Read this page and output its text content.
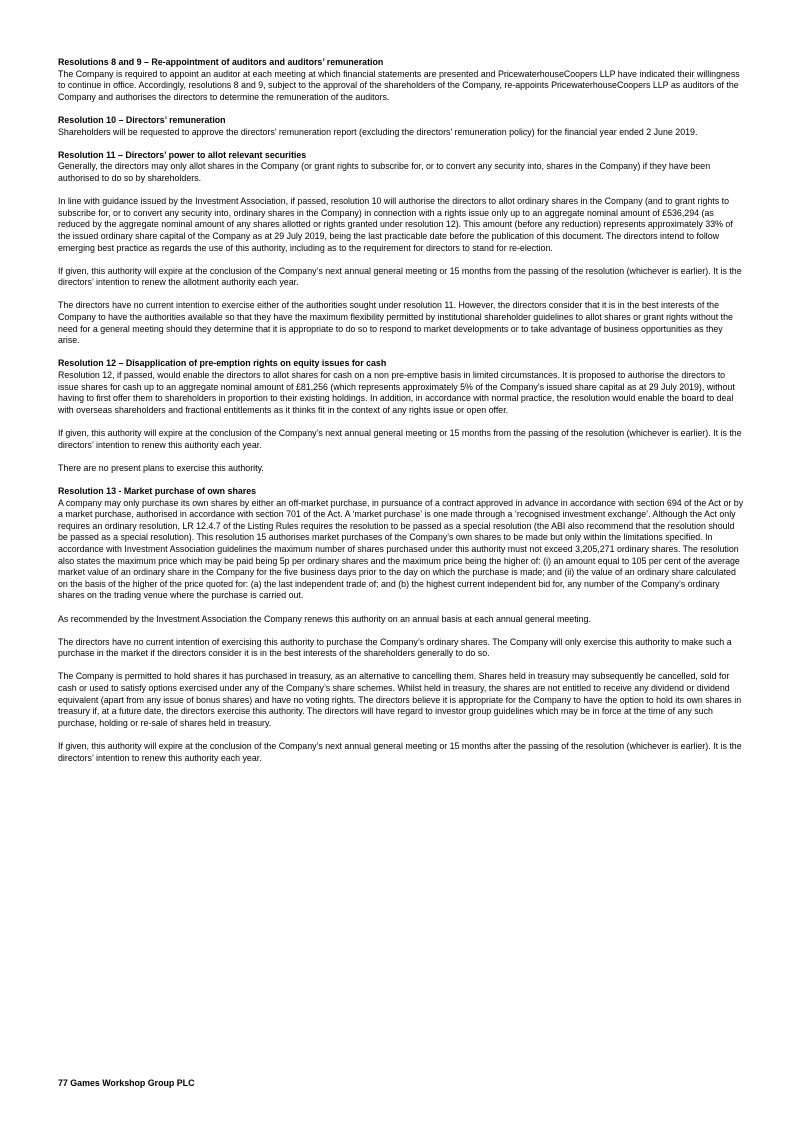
Resolutions 8 and 9 – Re-appointment of auditors and auditors’ remuneration

The Company is required to appoint an auditor at each meeting at which financial statements are presented and PricewaterhouseCoopers LLP have indicated their willingness to continue in office. Accordingly, resolutions 8 and 9, subject to the approval of the shareholders of the Company, re-appoints PricewaterhouseCoopers LLP as auditors of the Company and authorises the directors to determine the remuneration of the auditors.

Resolution 10 – Directors’ remuneration

Shareholders will be requested to approve the directors’ remuneration report (excluding the directors’ remuneration policy) for the financial year ended 2 June 2019.

Resolution 11 – Directors’ power to allot relevant securities

Generally, the directors may only allot shares in the Company (or grant rights to subscribe for, or to convert any security into, shares in the Company) if they have been authorised to do so by shareholders.

In line with guidance issued by the Investment Association, if passed, resolution 10 will authorise the directors to allot ordinary shares in the Company (and to grant rights to subscribe for, or to convert any security into, ordinary shares in the Company) in connection with a rights issue only up to an aggregate nominal amount of £536,294 (as reduced by the aggregate nominal amount of any shares allotted or rights granted under resolution 12). This amount (before any reduction) represents approximately 33% of the issued ordinary share capital of the Company as at 29 July 2019, being the last practicable date before the publication of this document. The directors intend to follow emerging best practice as regards the use of this authority, including as to the requirement for directors to stand for re-election.

If given, this authority will expire at the conclusion of the Company’s next annual general meeting or 15 months from the passing of the resolution (whichever is earlier). It is the directors’ intention to renew the allotment authority each year.

The directors have no current intention to exercise either of the authorities sought under resolution 11. However, the directors consider that it is in the best interests of the Company to have the authorities available so that they have the maximum flexibility permitted by institutional shareholder guidelines to allot shares or grant rights without the need for a general meeting should they determine that it is appropriate to do so to respond to market developments or to take advantage of business opportunities as they arise.

Resolution 12 – Disapplication of pre-emption rights on equity issues for cash

Resolution 12, if passed, would enable the directors to allot shares for cash on a non pre-emptive basis in limited circumstances. It is proposed to authorise the directors to issue shares for cash up to an aggregate nominal amount of £81,256 (which represents approximately 5% of the Company’s issued share capital as at 29 July 2019), without having to first offer them to shareholders in proportion to their existing holdings. In addition, in accordance with normal practice, the resolution would enable the board to deal with overseas shareholders and fractional entitlements as it thinks fit in the context of any rights issue or open offer.

If given, this authority will expire at the conclusion of the Company’s next annual general meeting or 15 months from the passing of the resolution (whichever is earlier). It is the directors’ intention to renew this authority each year.

There are no present plans to exercise this authority.

Resolution 13 - Market purchase of own shares

A company may only purchase its own shares by either an off-market purchase, in pursuance of a contract approved in advance in accordance with section 694 of the Act or by a market purchase, authorised in accordance with section 701 of the Act. A ‘market purchase’ is one made through a ‘recognised investment exchange’. Although the Act only requires an ordinary resolution, LR 12.4.7 of the Listing Rules requires the resolution to be passed as a special resolution (the ABI also recommend that the resolution should be passed as a special resolution). This resolution 15 authorises market purchases of the Company’s own shares to be made but only within the limitations specified. In accordance with Investment Association guidelines the maximum number of shares purchased under this authority must not exceed 3,205,271 ordinary shares. The resolution also states the maximum price which may be paid being 5p per ordinary shares and the maximum price being the higher of: (i) an amount equal to 105 per cent of the average market value of an ordinary share in the Company for the five business days prior to the day on which the purchase is made; and (ii) the value of an ordinary share calculated on the basis of the higher of the price quoted for: (a) the last independent trade of; and (b) the highest current independent bid for, any number of the Company’s ordinary shares on the trading venue where the purchase is carried out.

As recommended by the Investment Association the Company renews this authority on an annual basis at each annual general meeting.

The directors have no current intention of exercising this authority to purchase the Company’s ordinary shares. The Company will only exercise this authority to make such a purchase in the market if the directors consider it is in the best interests of the shareholders generally to do so.

The Company is permitted to hold shares it has purchased in treasury, as an alternative to cancelling them. Shares held in treasury may subsequently be cancelled, sold for cash or used to satisfy options exercised under any of the Company’s share schemes. Whilst held in treasury, the shares are not entitled to receive any dividend or dividend equivalent (apart from any issue of bonus shares) and have no voting rights. The directors believe it is appropriate for the Company to have the option to hold its own shares in treasury if, at a future date, the directors exercise this authority. The directors will have regard to investor group guidelines which may be in force at the time of any such purchase, holding or re-sale of shares held in treasury.

If given, this authority will expire at the conclusion of the Company’s next annual general meeting or 15 months after the passing of the resolution (whichever is earlier). It is the directors’ intention to renew this authority each year.

77 Games Workshop Group PLC
